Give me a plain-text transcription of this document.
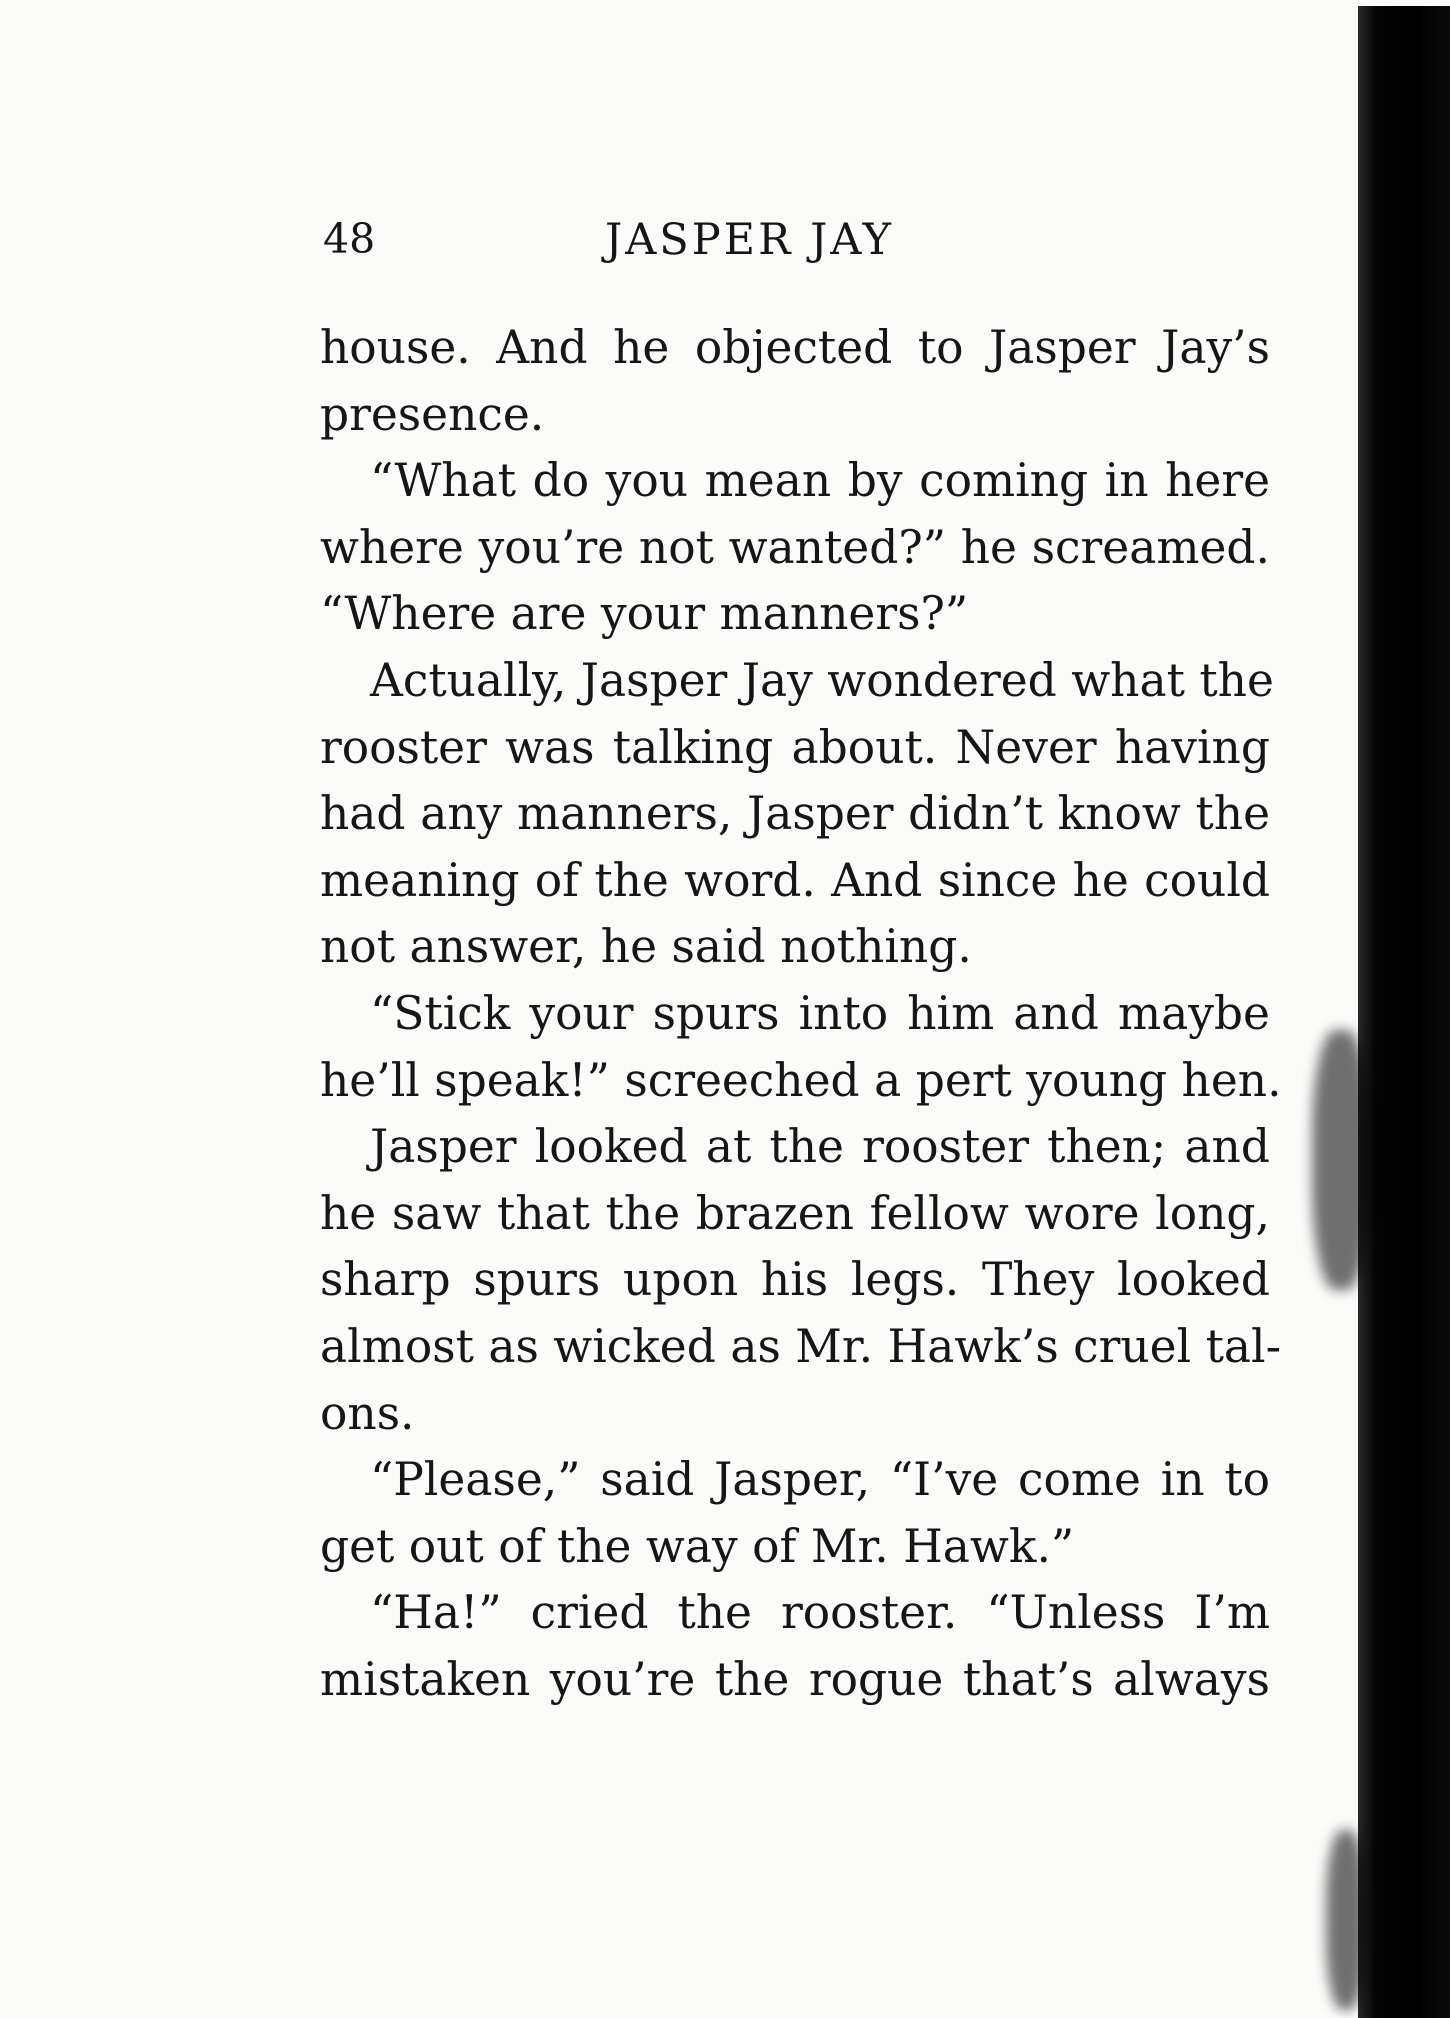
48	JASPER JAY
house. And he objected to Jasper Jay’s
presence.
“What do you mean by coming in here
where you’re not wanted?” he screamed.
“Where are your manners?”
Actually, Jasper Jay wondered what the
rooster was talking about. Never having
had any manners, Jasper didn’t know the
meaning of the word. And since he could
not answer, he said nothing.
“Stick your spurs into him and maybe
he’ll speak!” screeched a pert young hen.
Jasper looked at the rooster then; and
he saw that the brazen fellow wore long,
sharp spurs upon his legs. They looked
almost as wicked as Mr. Hawk’s cruel tal-
ons.
“Please,” said Jasper, “I’ve come in to
get out of the way of Mr. Hawk.”
“Ha!” cried the rooster. “Unless I’m
mistaken you’re the rogue that’s always
